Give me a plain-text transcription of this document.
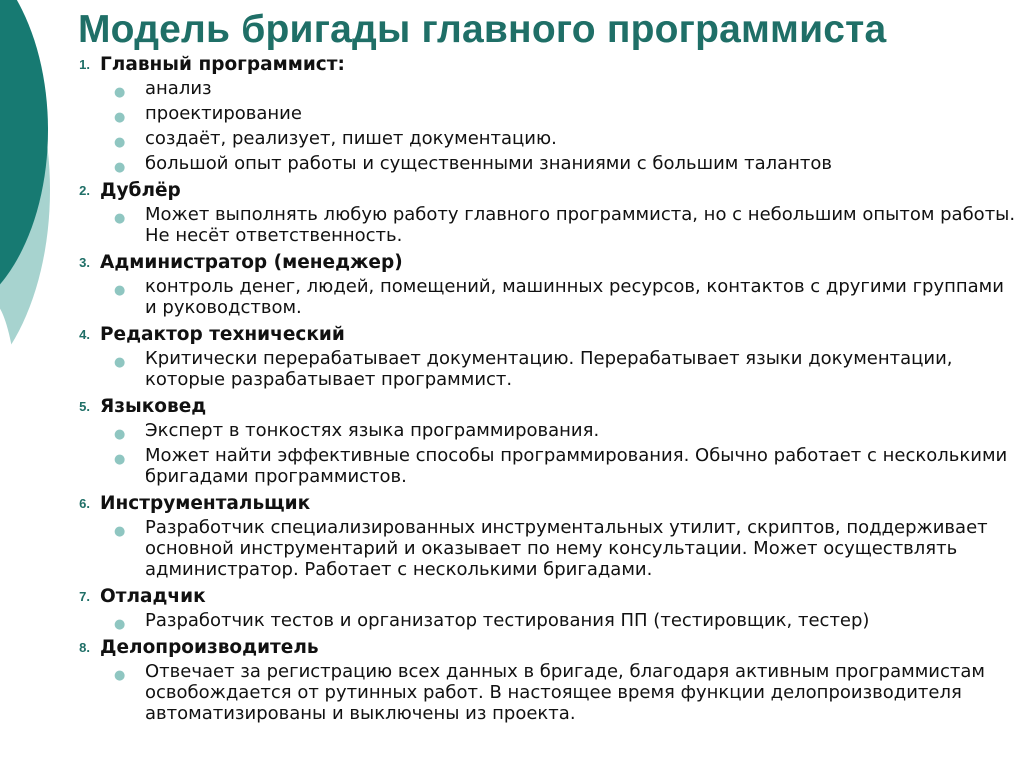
Модель бригады главного программиста
1. Главный программист:
● анализ
● проектирование
● создаёт, реализует, пишет документацию.
● большой опыт работы и существенными знаниями с большим талантов
2. Дублёр
● Может выполнять любую работу главного программиста, но с небольшим опытом работы. Не несёт ответственность.
3. Администратор (менеджер)
● контроль денег, людей, помещений, машинных ресурсов, контактов с другими группами и руководством.
4. Редактор технический
● Критически перерабатывает документацию. Перерабатывает языки документации, которые разрабатывает программист.
5. Языковед
● Эксперт в тонкостях языка программирования.
● Может найти эффективные способы программирования. Обычно работает с несколькими бригадами программистов.
6. Инструментальщик
● Разработчик специализированных инструментальных утилит, скриптов, поддерживает основной инструментарий и оказывает по нему консультации. Может осуществлять администратор. Работает с несколькими бригадами.
7. Отладчик
● Разработчик тестов и организатор тестирования ПП (тестировщик, тестер)
8. Делопроизводитель
● Отвечает за регистрацию всех данных в бригаде, благодаря активным программистам освобождается от рутинных работ. В настоящее время функции делопроизводителя автоматизированы и выключены из проекта.
